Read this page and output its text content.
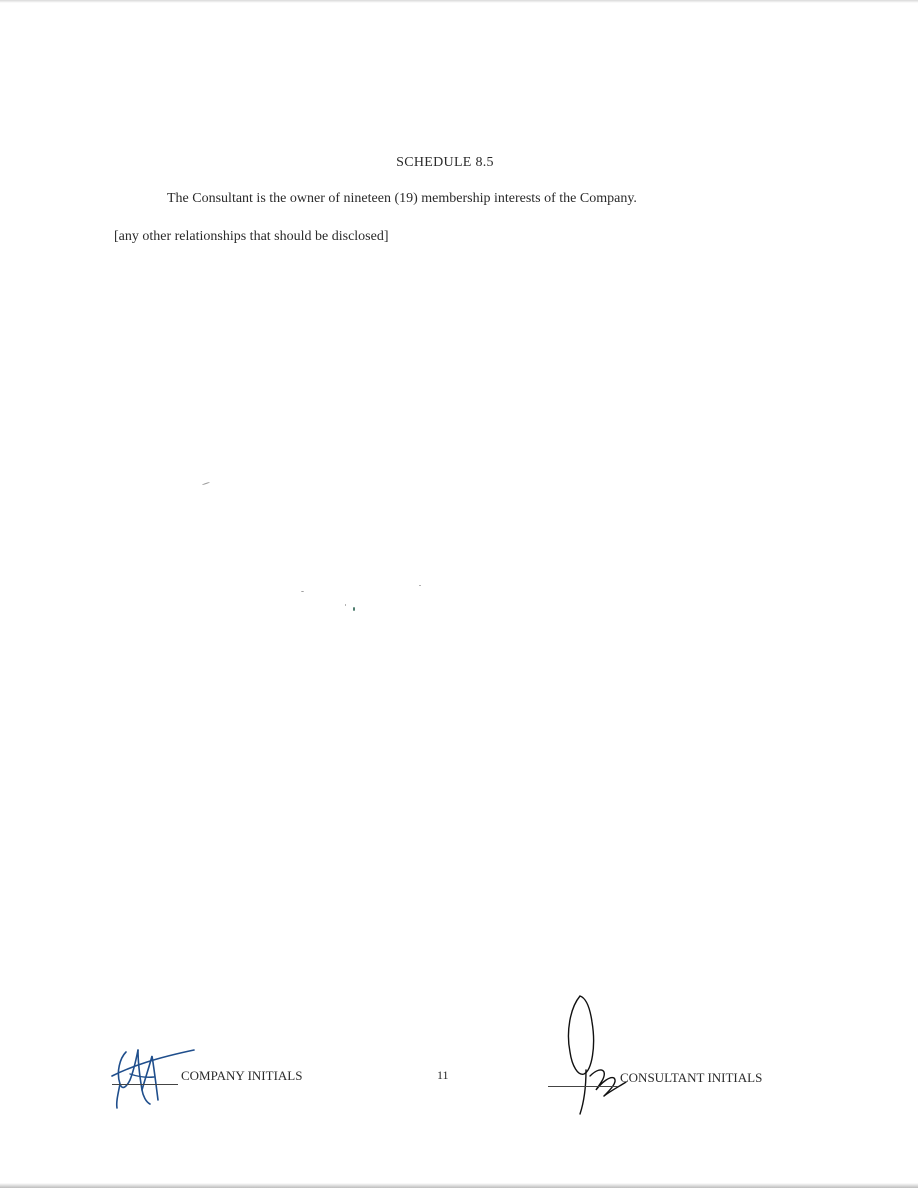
SCHEDULE 8.5
The Consultant is the owner of nineteen (19) membership interests of the Company.
[any other relationships that should be disclosed]
COMPANY INITIALS	11	CONSULTANT INITIALS
